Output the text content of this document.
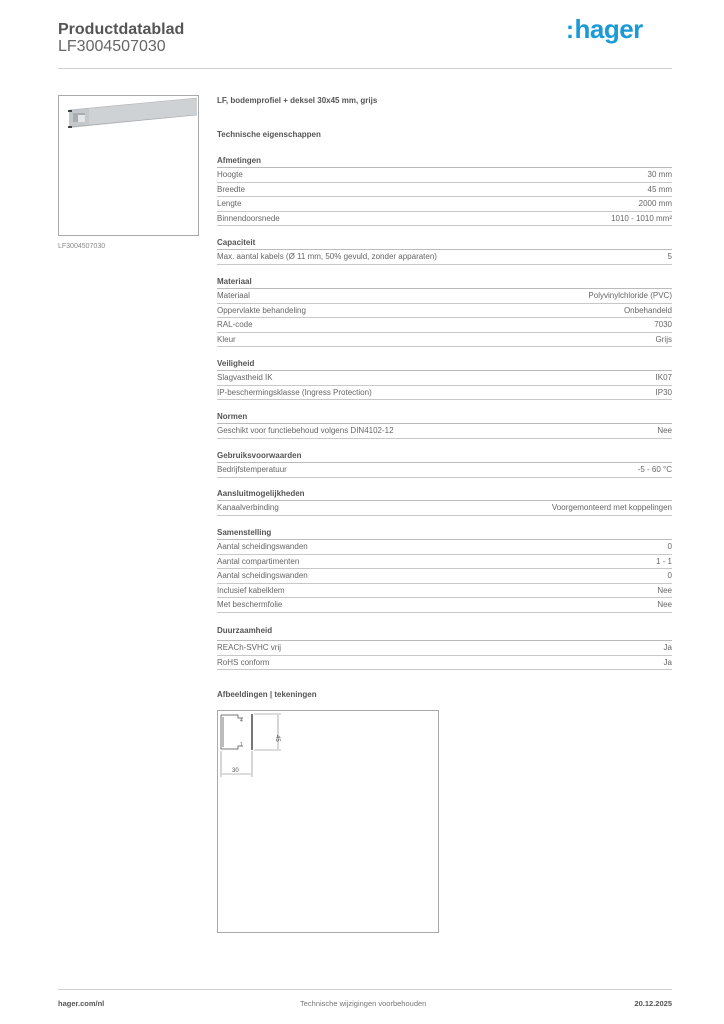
Productdatablad
LF3004507030
:hager
LF3004507030
LF, bodemprofiel + deksel 30x45 mm, grijs
Technische eigenschappen
Afmetingen
Hoogte	30 mm
Breedte	45 mm
Lengte	2000 mm
Binnendoorsnede	1010 - 1010 mm²
Capaciteit
Max. aantal kabels (Ø 11 mm, 50% gevuld, zonder apparaten)	5
Materiaal
Materiaal	Polyvinylchloride (PVC)
Oppervlakte behandeling	Onbehandeld
RAL-code	7030
Kleur	Grijs
Veiligheid
Slagvastheid IK	IK07
IP-beschermingsklasse (Ingress Protection)	IP30
Normen
Geschikt voor functiebehoud volgens DIN4102-12	Nee
Gebruiksvoorwaarden
Bedrijfstemperatuur	-5 - 60 °C
Aansluitmogelijkheden
Kanaalverbinding	Voorgemonteerd met koppelingen
Samenstelling
Aantal scheidingswanden	0
Aantal compartimenten	1 - 1
Aantal scheidingswanden	0
Inclusief kabelklem	Nee
Met beschermfolie	Nee
Duurzaamheid
REACh-SVHC vrij	Ja
RoHS conform	Ja
Afbeeldingen | tekeningen
4
1
45
30
hager.com/nl	Technische wijzigingen voorbehouden	20.12.2025
